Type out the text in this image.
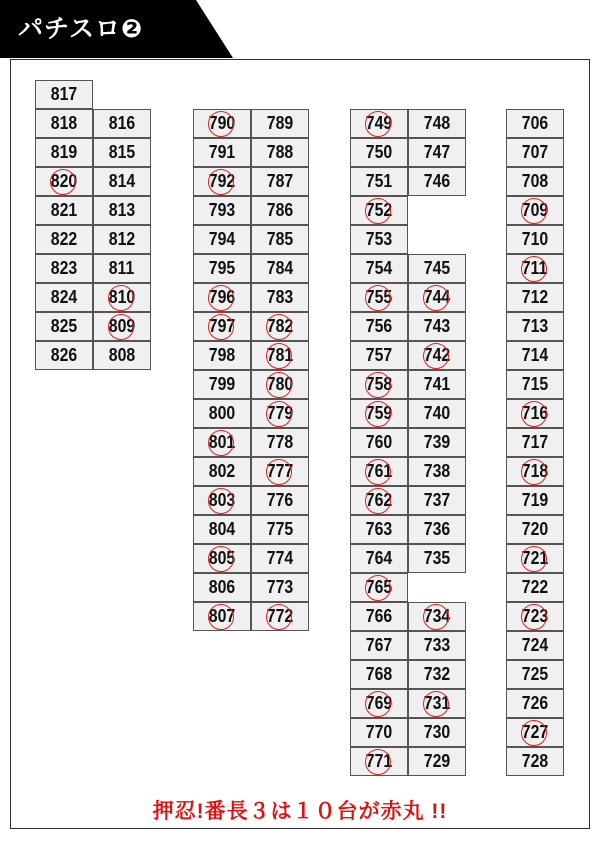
パチスロ❷
817
818
819
820
821
822
823
824
825
826
816
815
814
813
812
811
810
809
808
790
791
792
793
794
795
796
797
798
799
800
801
802
803
804
805
806
807
789
788
787
786
785
784
783
782
781
780
779
778
777
776
775
774
773
772
749
750
751
752
753
754
755
756
757
758
759
760
761
762
763
764
765
766
767
768
769
770
771
748
747
746
745
744
743
742
741
740
739
738
737
736
735
734
733
732
731
730
729
706
707
708
709
710
711
712
713
714
715
716
717
718
719
720
721
722
723
724
725
726
727
728
押忍!番長３は１０台が赤丸 !!
